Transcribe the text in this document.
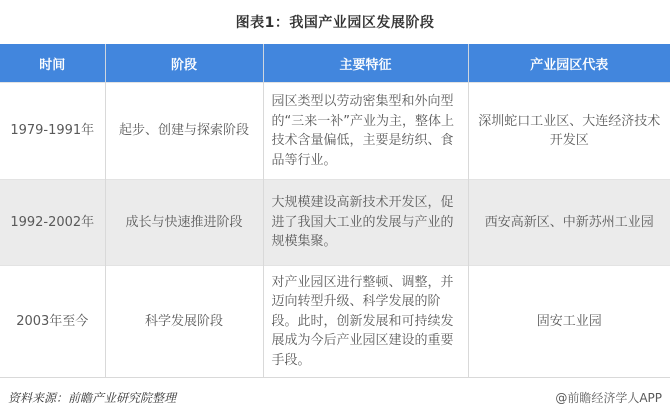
图表1：我国产业园区发展阶段
时间	阶段	主要特征	产业园区代表
1979-1991年	起步、创建与探索阶段	园区类型以劳动密集型和外向型的“三来一补”产业为主，整体上技术含量偏低，主要是纺织、食品等行业。	深圳蛇口工业区、大连经济技术开发区
1992-2002年	成长与快速推进阶段	大规模建设高新技术开发区，促进了我国大工业的发展与产业的规模集聚。	西安高新区、中新苏州工业园
2003年至今	科学发展阶段	对产业园区进行整顿、调整，并迈向转型升级、科学发展的阶段。此时，创新发展和可持续发展成为今后产业园区建设的重要手段。	固安工业园
资料来源：前瞻产业研究院整理	@前瞻经济学人APP
